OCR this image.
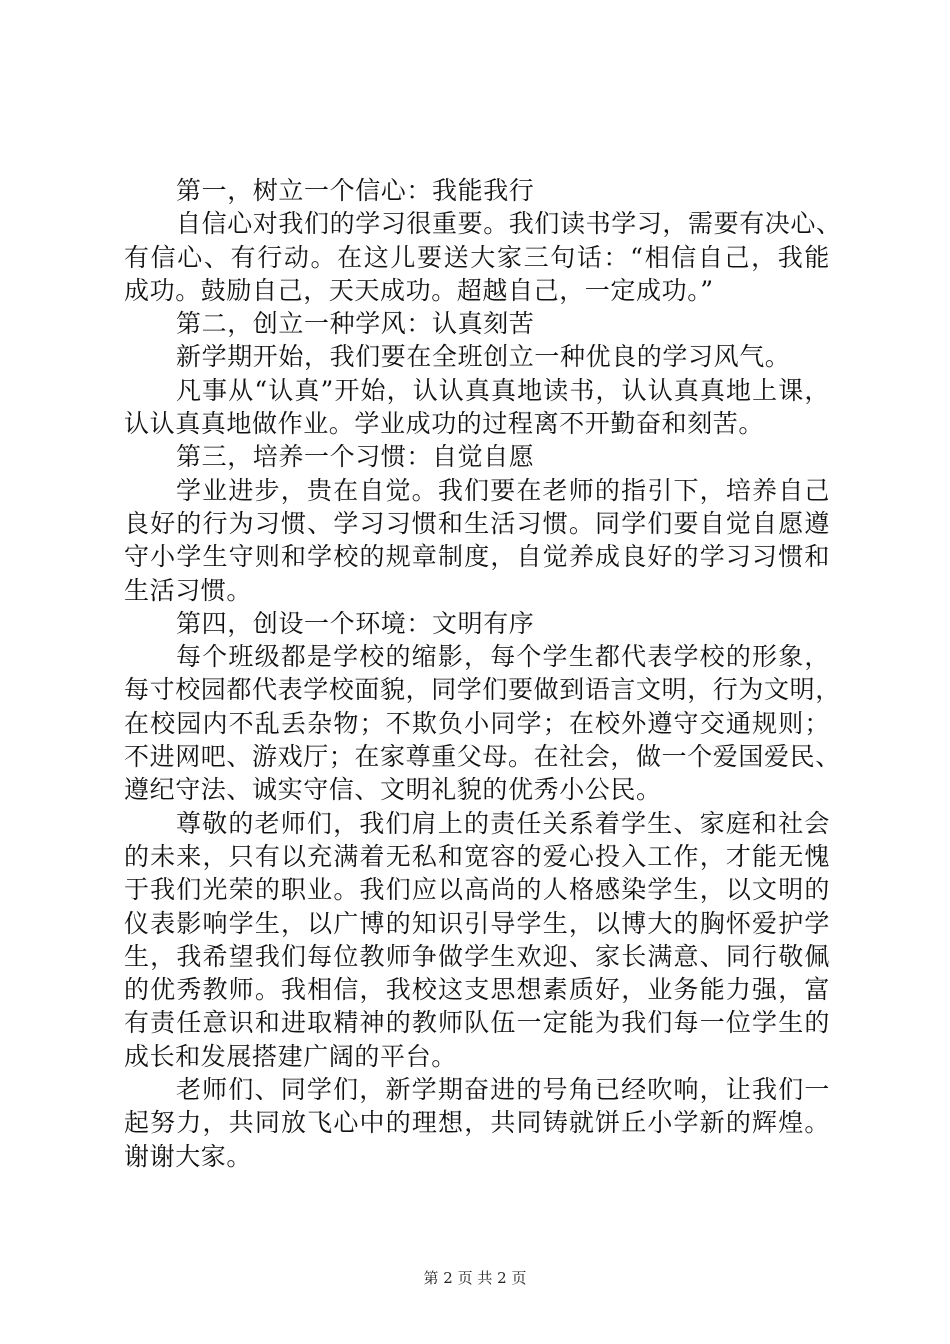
第一，树立一个信心：我能我行
自信心对我们的学习很重要。我们读书学习，需要有决心、
有信心、有行动。在这儿要送大家三句话：“相信自己，我能
成功。鼓励自己，天天成功。超越自己，一定成功。”
第二，创立一种学风：认真刻苦
新学期开始，我们要在全班创立一种优良的学习风气。
凡事从“认真”开始，认认真真地读书，认认真真地上课，
认认真真地做作业。学业成功的过程离不开勤奋和刻苦。
第三，培养一个习惯：自觉自愿
学业进步，贵在自觉。我们要在老师的指引下，培养自己
良好的行为习惯、学习习惯和生活习惯。同学们要自觉自愿遵
守小学生守则和学校的规章制度，自觉养成良好的学习习惯和
生活习惯。
第四，创设一个环境：文明有序
每个班级都是学校的缩影，每个学生都代表学校的形象，
每寸校园都代表学校面貌，同学们要做到语言文明，行为文明，
在校园内不乱丢杂物；不欺负小同学；在校外遵守交通规则；
不进网吧、游戏厅；在家尊重父母。在社会，做一个爱国爱民、
遵纪守法、诚实守信、文明礼貌的优秀小公民。
尊敬的老师们，我们肩上的责任关系着学生、家庭和社会
的未来，只有以充满着无私和宽容的爱心投入工作，才能无愧
于我们光荣的职业。我们应以高尚的人格感染学生，以文明的
仪表影响学生，以广博的知识引导学生，以博大的胸怀爱护学
生，我希望我们每位教师争做学生欢迎、家长满意、同行敬佩
的优秀教师。我相信，我校这支思想素质好，业务能力强，富
有责任意识和进取精神的教师队伍一定能为我们每一位学生的
成长和发展搭建广阔的平台。
老师们、同学们，新学期奋进的号角已经吹响，让我们一
起努力，共同放飞心中的理想，共同铸就饼丘小学新的辉煌。
谢谢大家。
第 2 页 共 2 页
